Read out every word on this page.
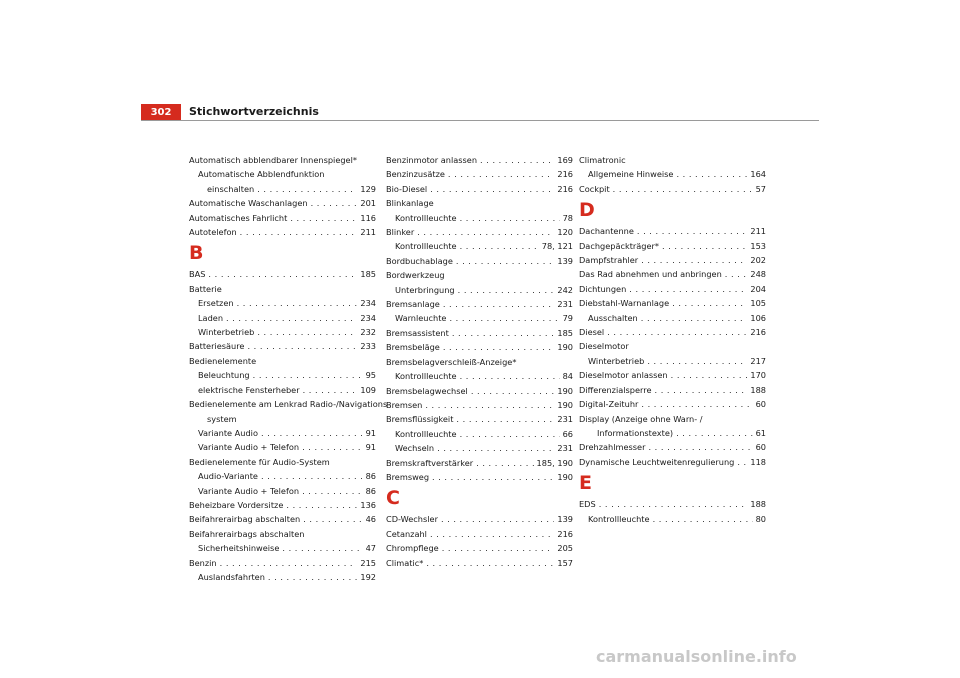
302	Stichwortverzeichnis
Automatisch abblendbarer Innenspiegel*
Automatische Abblendfunktion
einschalten . . .	129
Automatische Waschanlagen . . .	201
Automatisches Fahrlicht . . .	116
Autotelefon . . .	211
B
BAS . . .	185
Batterie
Ersetzen . . .	234
Laden . . .	234
Winterbetrieb . . .	232
Batteriesäure . . .	233
Bedienelemente
Beleuchtung . . .	95
elektrische Fensterheber . . .	109
Bedienelemente am Lenkrad Radio-/Navigations-
system
Variante Audio . . .	91
Variante Audio + Telefon . . .	91
Bedienelemente für Audio-System
Audio-Variante . . .	86
Variante Audio + Telefon . . .	86
Beheizbare Vordersitze . . .	136
Beifahrerairbag abschalten . . .	46
Beifahrerairbags abschalten
Sicherheitshinweise . . .	47
Benzin . . .	215
Auslandsfahrten . . .	192
Benzinmotor anlassen . . .	169
Benzinzusätze . . .	216
Bio-Diesel . . .	216
Blinkanlage
Kontrollleuchte . . .	78
Blinker . . .	120
Kontrollleuchte . . .	78, 121
Bordbuchablage . . .	139
Bordwerkzeug
Unterbringung . . .	242
Bremsanlage . . .	231
Warnleuchte . . .	79
Bremsassistent . . .	185
Bremsbeläge . . .	190
Bremsbelagverschleiß-Anzeige*
Kontrollleuchte . . .	84
Bremsbelagwechsel . . .	190
Bremsen . . .	190
Bremsflüssigkeit . . .	231
Kontrollleuchte . . .	66
Wechseln . . .	231
Bremskraftverstärker . . .	185, 190
Bremsweg . . .	190
C
CD-Wechsler . . .	139
Cetanzahl . . .	216
Chrompflege . . .	205
Climatic* . . .	157
Climatronic
Allgemeine Hinweise . . .	164
Cockpit . . .	57
D
Dachantenne . . .	211
Dachgepäckträger* . . .	153
Dampfstrahler . . .	202
Das Rad abnehmen und anbringen . . .	248
Dichtungen . . .	204
Diebstahl-Warnanlage . . .	105
Ausschalten . . .	106
Diesel . . .	216
Dieselmotor
Winterbetrieb . . .	217
Dieselmotor anlassen . . .	170
Differenzialsperre . . .	188
Digital-Zeituhr . . .	60
Display (Anzeige ohne Warn- /
Informationstexte) . . .	61
Drehzahlmesser . . .	60
Dynamische Leuchtweitenregulierung . . .	118
E
EDS . . .	188
Kontrollleuchte . . .	80
carmanualsonline.info
